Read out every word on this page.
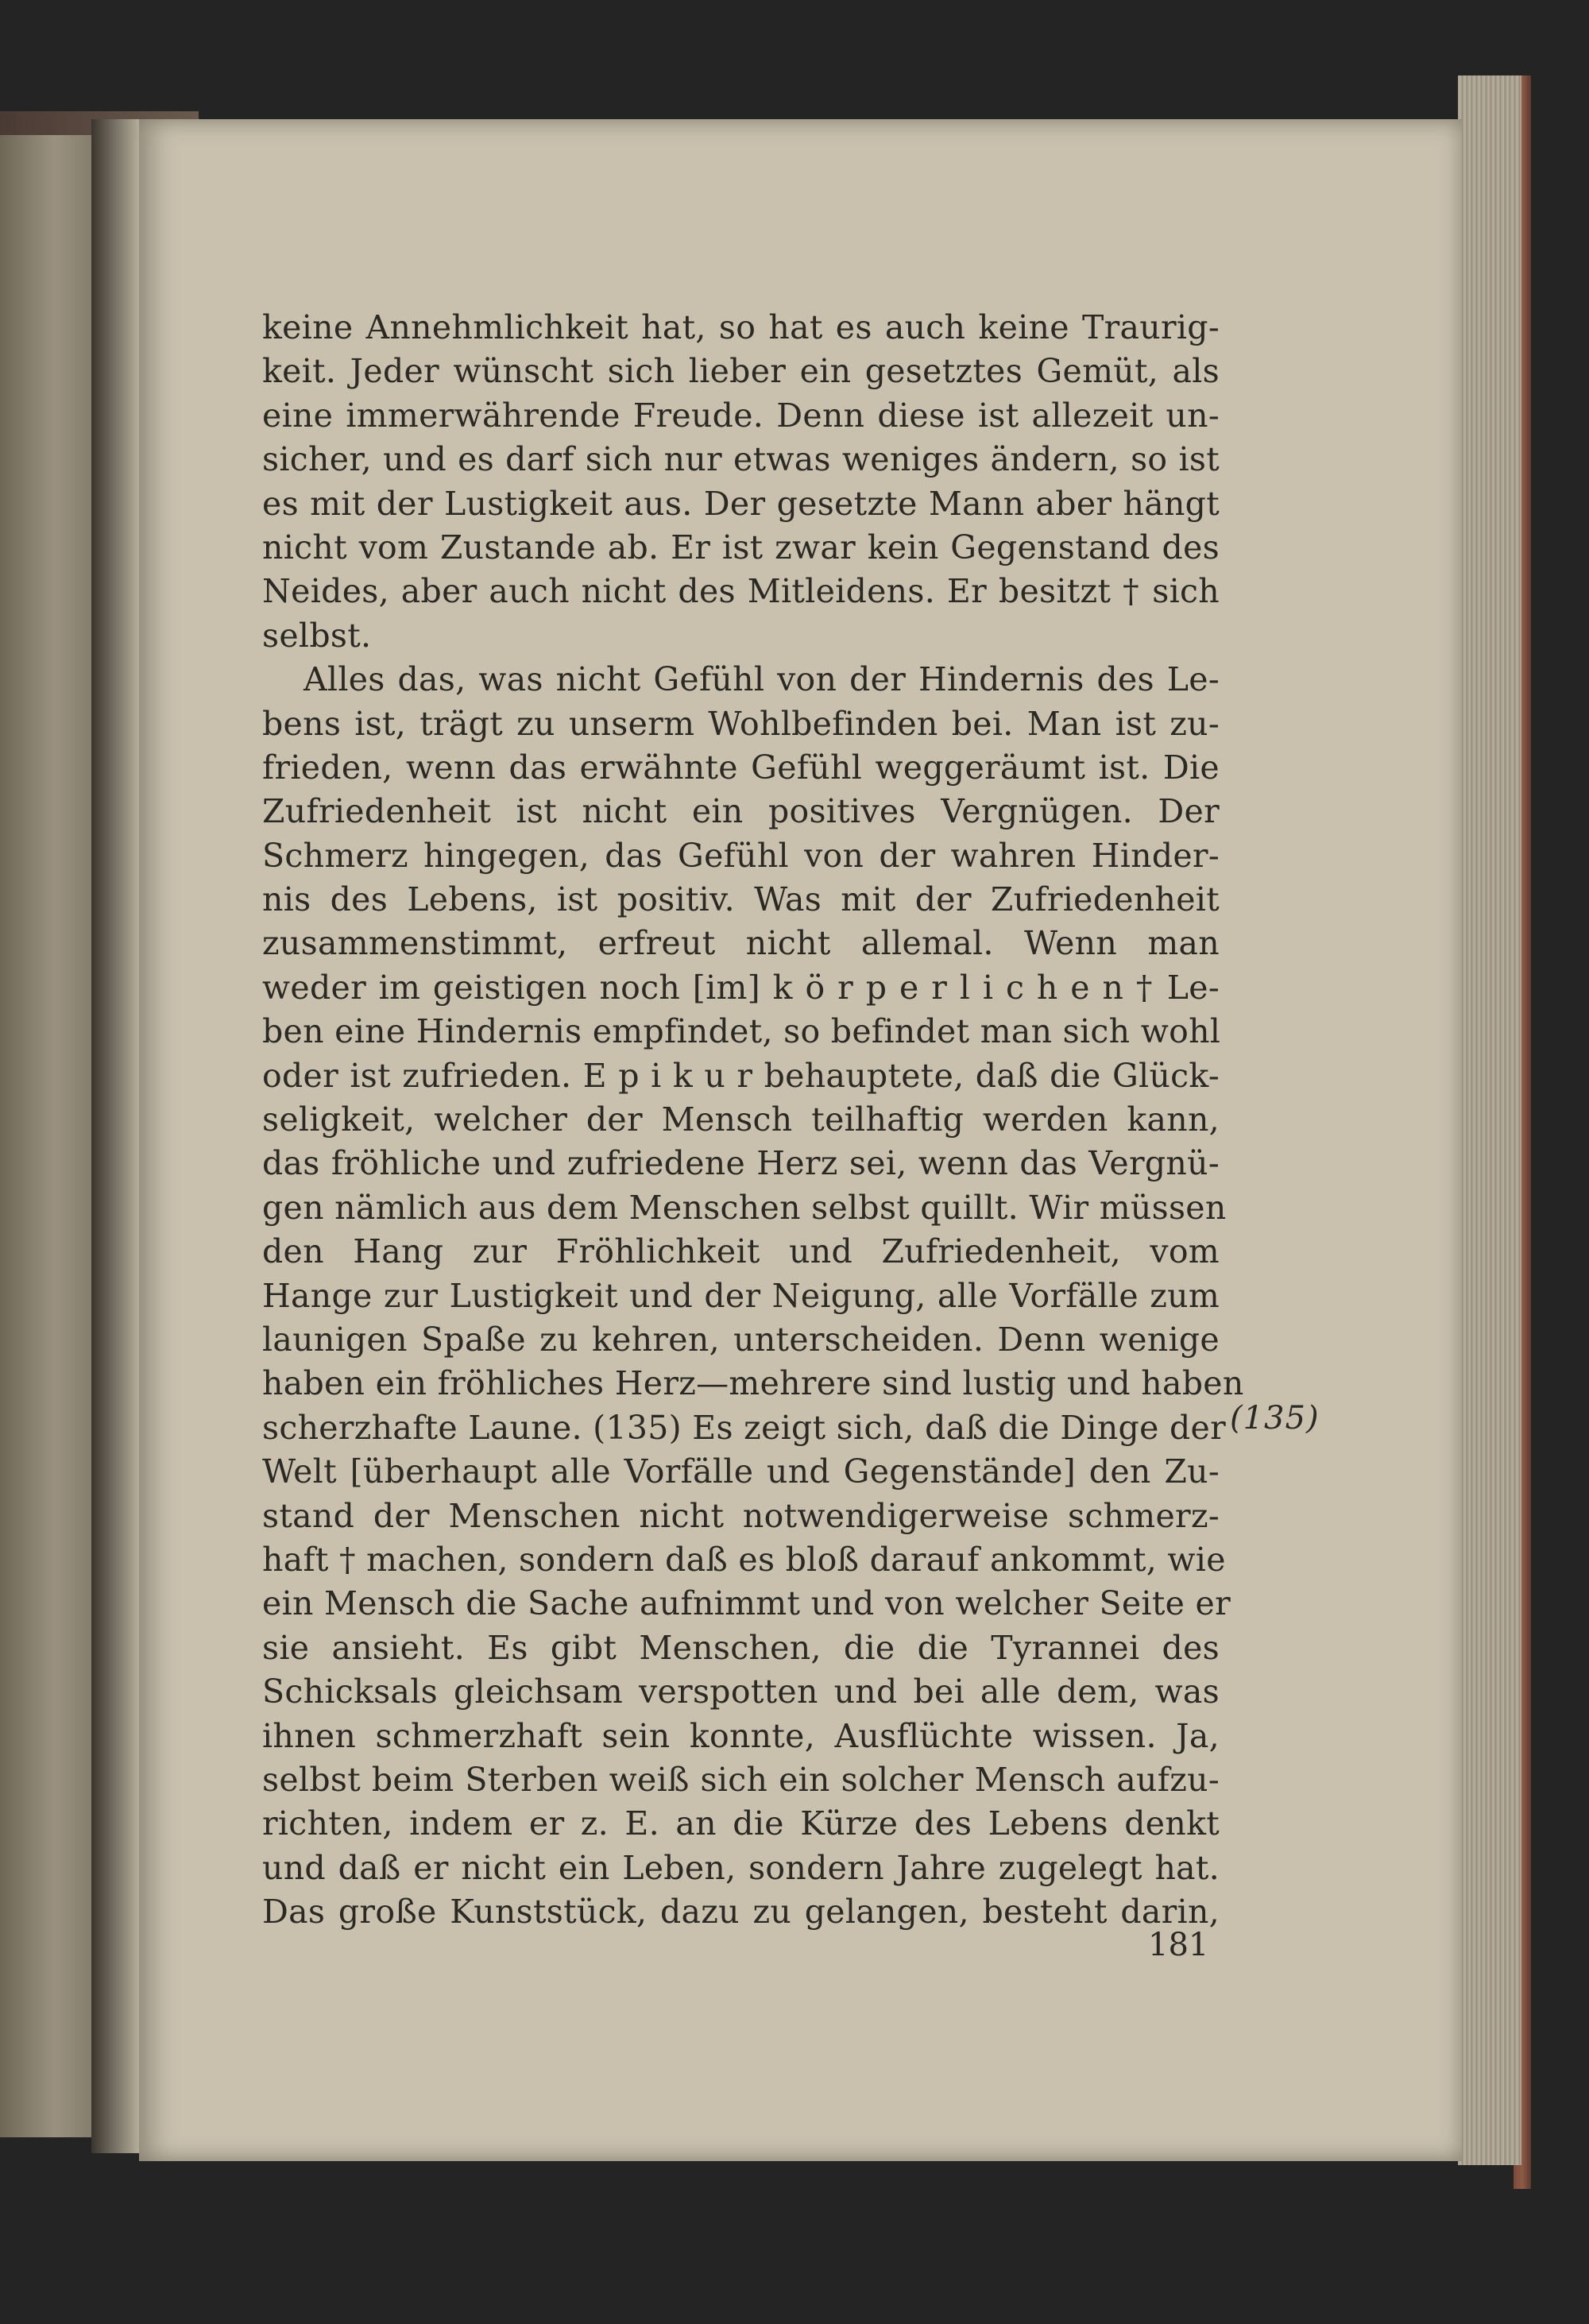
keine Annehmlichkeit hat, so hat es auch keine Traurig-
keit. Jeder wünscht sich lieber ein gesetztes Gemüt, als
eine immerwährende Freude. Denn diese ist allezeit un-
sicher, und es darf sich nur etwas weniges ändern, so ist
es mit der Lustigkeit aus. Der gesetzte Mann aber hängt
nicht vom Zustande ab. Er ist zwar kein Gegenstand des
Neides, aber auch nicht des Mitleidens. Er besitzt † sich
selbst.
Alles das, was nicht Gefühl von der Hindernis des Le-
bens ist, trägt zu unserm Wohlbefinden bei. Man ist zu-
frieden, wenn das erwähnte Gefühl weggeräumt ist. Die
Zufriedenheit ist nicht ein positives Vergnügen. Der
Schmerz hingegen, das Gefühl von der wahren Hinder-
nis des Lebens, ist positiv. Was mit der Zufriedenheit
zusammenstimmt, erfreut nicht allemal. Wenn man
weder im geistigen noch [im] k ö r p e r l i c h e n † Le-
ben eine Hindernis empfindet, so befindet man sich wohl
oder ist zufrieden. E p i k u r behauptete, daß die Glück-
seligkeit, welcher der Mensch teilhaftig werden kann,
das fröhliche und zufriedene Herz sei, wenn das Vergnü-
gen nämlich aus dem Menschen selbst quillt. Wir müssen
den Hang zur Fröhlichkeit und Zufriedenheit, vom
Hange zur Lustigkeit und der Neigung, alle Vorfälle zum
launigen Spaße zu kehren, unterscheiden. Denn wenige
haben ein fröhliches Herz—mehrere sind lustig und haben
scherzhafte Laune. (135) Es zeigt sich, daß die Dinge der
Welt [überhaupt alle Vorfälle und Gegenstände] den Zu-
stand der Menschen nicht notwendigerweise schmerz-
haft † machen, sondern daß es bloß darauf ankommt, wie
ein Mensch die Sache aufnimmt und von welcher Seite er
sie ansieht. Es gibt Menschen, die die Tyrannei des
Schicksals gleichsam verspotten und bei alle dem, was
ihnen schmerzhaft sein konnte, Ausflüchte wissen. Ja,
selbst beim Sterben weiß sich ein solcher Mensch aufzu-
richten, indem er z. E. an die Kürze des Lebens denkt
und daß er nicht ein Leben, sondern Jahre zugelegt hat.
Das große Kunststück, dazu zu gelangen, besteht darin,
(135)
181
